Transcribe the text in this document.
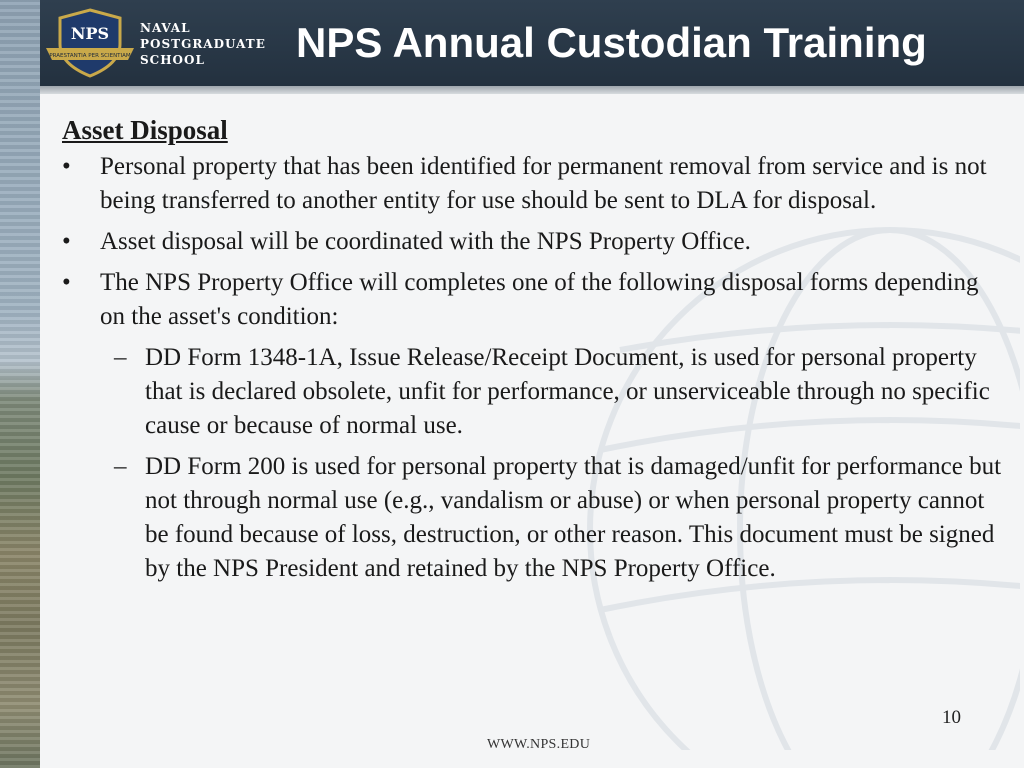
NPS
PRAESTANTIA PER SCIENTIAM
NAVAL
POSTGRADUATE
SCHOOL	NPS Annual Custodian Training
Asset Disposal
• Personal property that has been identified for permanent removal from service and is not being transferred to another entity for use should be sent to DLA for disposal.
• Asset disposal will be coordinated with the NPS Property Office.
• The NPS Property Office will completes one of the following disposal forms depending on the asset's condition:
– DD Form 1348-1A, Issue Release/Receipt Document, is used for personal property that is declared obsolete, unfit for performance, or unserviceable through no specific cause or because of normal use.
– DD Form 200 is used for personal property that is damaged/unfit for performance but not through normal use (e.g., vandalism or abuse) or when personal property cannot be found because of loss, destruction, or other reason. This document must be signed by the NPS President and retained by the NPS Property Office.
10
WWW.NPS.EDU
